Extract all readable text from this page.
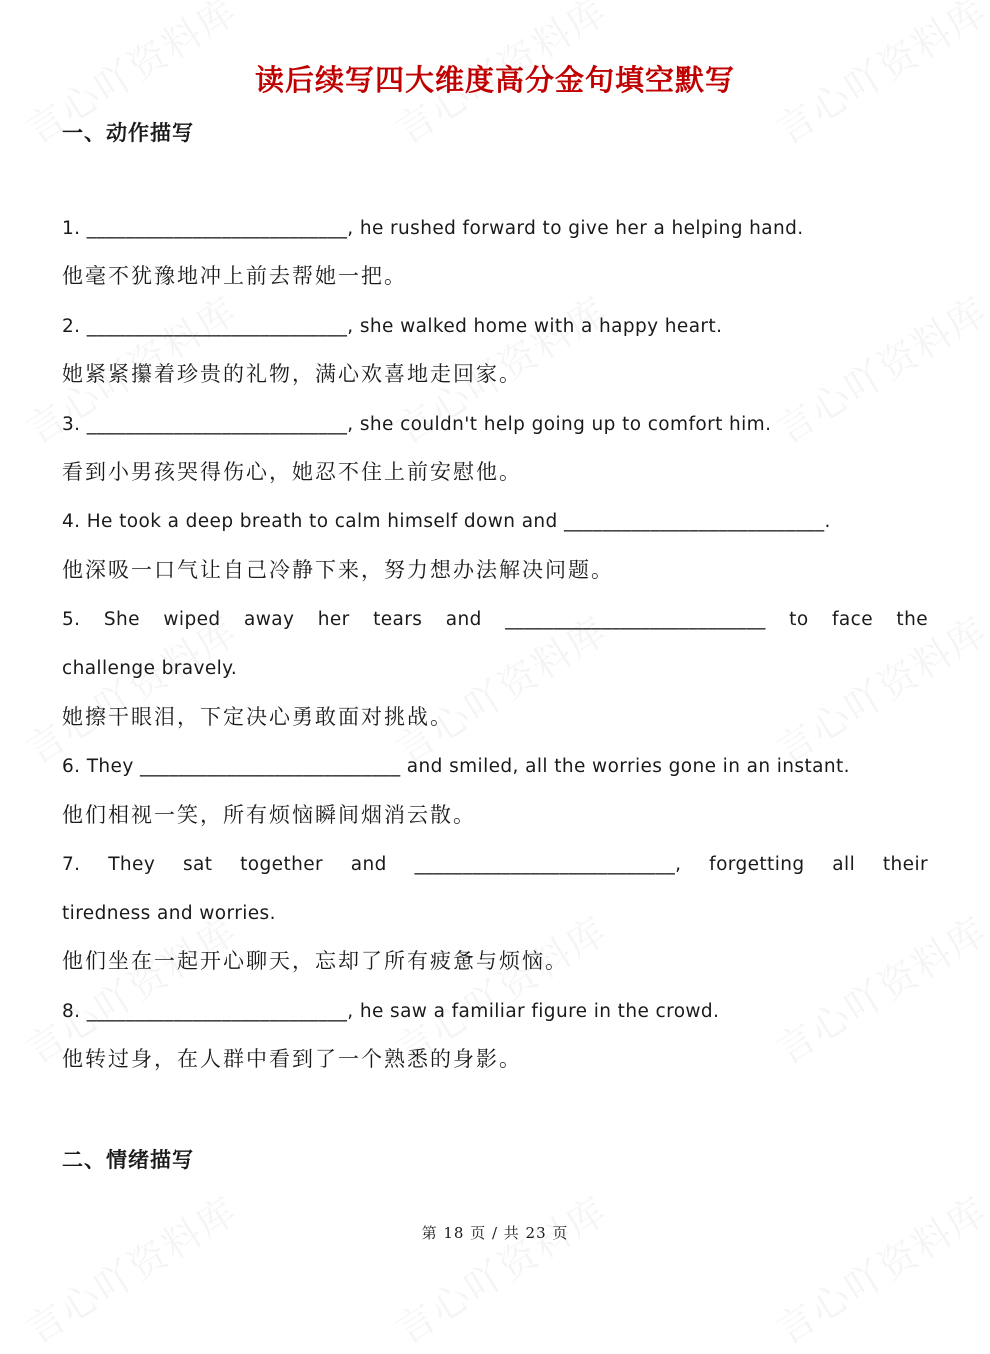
读后续写四大维度高分金句填空默写
一、动作描写
1. ___________________________, he rushed forward to give her a helping hand.
他毫不犹豫地冲上前去帮她一把。
2. ___________________________, she walked home with a happy heart.
她紧紧攥着珍贵的礼物，满心欢喜地走回家。
3. ___________________________, she couldn't help going up to comfort him.
看到小男孩哭得伤心，她忍不住上前安慰他。
4. He took a deep breath to calm himself down and ___________________________.
他深吸一口气让自己冷静下来，努力想办法解决问题。
5. She wiped away her tears and ___________________________ to face the
challenge bravely.
她擦干眼泪，下定决心勇敢面对挑战。
6. They ___________________________ and smiled, all the worries gone in an instant.
他们相视一笑，所有烦恼瞬间烟消云散。
7. They sat together and ___________________________, forgetting all their
tiredness and worries.
他们坐在一起开心聊天，忘却了所有疲惫与烦恼。
8. ___________________________, he saw a familiar figure in the crowd.
他转过身，在人群中看到了一个熟悉的身影。
二、情绪描写
第 18 页 / 共 23 页
